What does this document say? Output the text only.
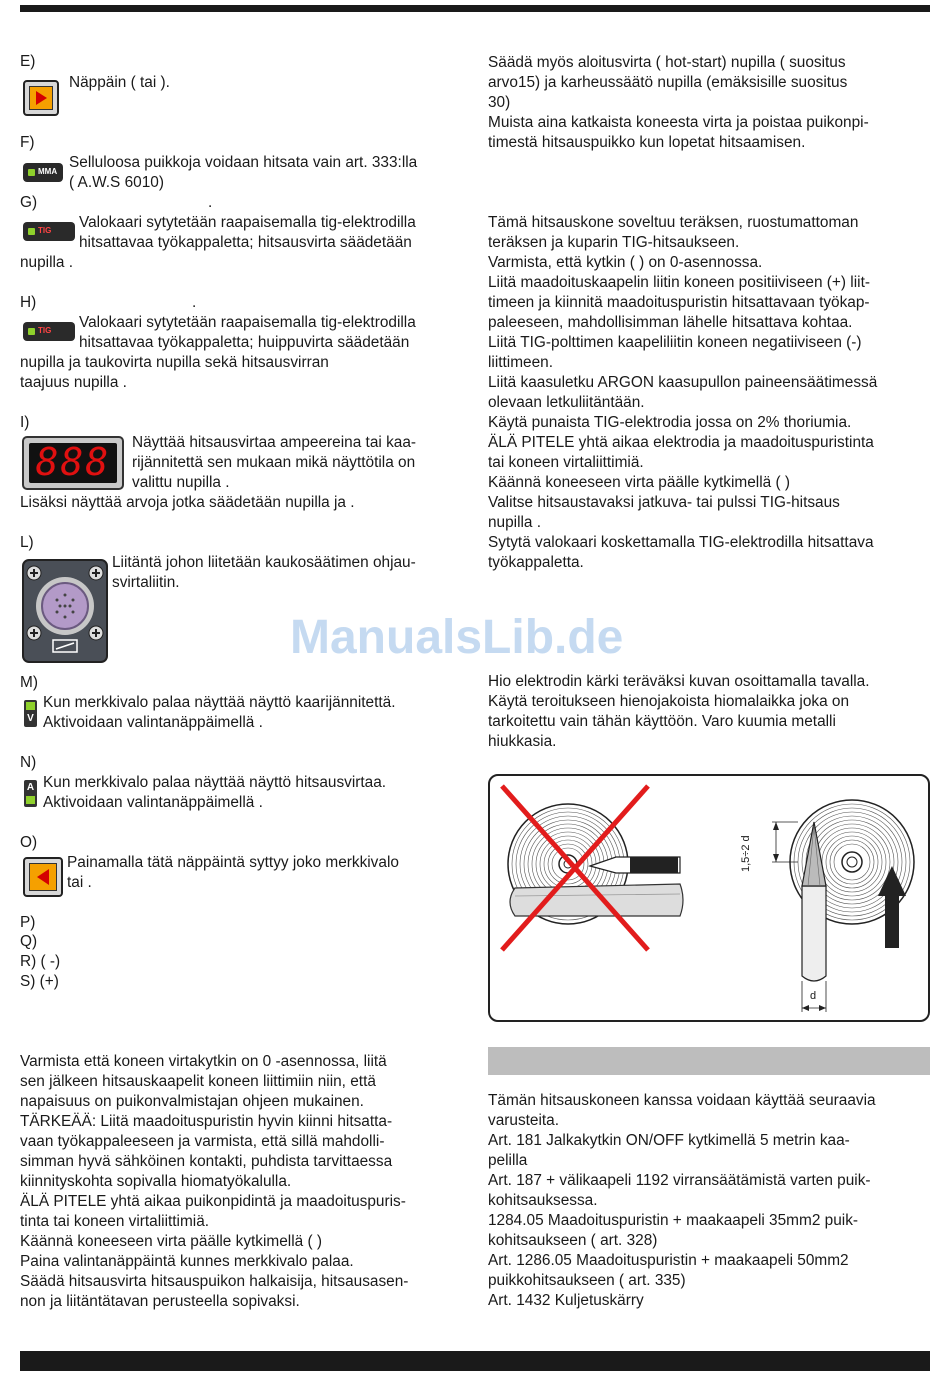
E)
Näppäin ( tai ).
F)
MMA
Selluloosa puikkoja voidaan hitsata vain art. 333:lla
( A.W.S 6010)
G)	.
TIG Valokaari sytytetään raapaisemalla tig-elektrodilla
hitsattavaa työkappaletta; hitsausvirta säädetään
nupilla .
H)	.
TIG Valokaari sytytetään raapaisemalla tig-elektrodilla
hitsattavaa työkappaletta; huippuvirta säädetään
nupilla ja taukovirta nupilla sekä hitsausvirran
taajuus nupilla .
I)
888	Näyttää hitsausvirtaa ampeereina tai kaa-
rijännitettä sen mukaan mikä näyttötila on
valittu nupilla .
Lisäksi näyttää arvoja jotka säädetään nupilla ja .
L)
Liitäntä johon liitetään kaukosäätimen ohjau-
svirtaliitin.
M)
V
Kun merkkivalo palaa näyttää näyttö kaarijännitettä.
Aktivoidaan valintanäppäimellä .
N)
A Kun merkkivalo palaa näyttää näyttö hitsausvirtaa.
Aktivoidaan valintanäppäimellä .
O)
Painamalla tätä näppäintä syttyy joko merkkivalo
tai .
P)
Q)
R) ( -)
S) (+)
Varmista että koneen virtakytkin on 0 -asennossa, liitä
sen jälkeen hitsauskaapelit koneen liittimiin niin, että
napaisuus on puikonvalmistajan ohjeen mukainen.
TÄRKEÄÄ: Liitä maadoituspuristin hyvin kiinni hitsatta-
vaan työkappaleeseen ja varmista, että sillä mahdolli-
simman hyvä sähköinen kontakti, puhdista tarvittaessa
kiinnityskohta sopivalla hiomatyökalulla.
ÄLÄ PITELE yhtä aikaa puikonpidintä ja maadoituspuris-
tinta tai koneen virtaliittimiä.
Käännä koneeseen virta päälle kytkimellä ( )
Paina valintanäppäintä kunnes merkkivalo palaa.
Säädä hitsausvirta hitsauspuikon halkaisija, hitsausasen-
non ja liitäntätavan perusteella sopivaksi.
Säädä myös aloitusvirta ( hot-start) nupilla ( suositus
arvo15) ja karheussäätö nupilla (emäksisille suositus
30)
Muista aina katkaista koneesta virta ja poistaa puikonpi-
timestä hitsauspuikko kun lopetat hitsaamisen.
Tämä hitsauskone soveltuu teräksen, ruostumattoman
teräksen ja kuparin TIG-hitsaukseen.
Varmista, että kytkin ( ) on 0-asennossa.
Liitä maadoituskaapelin liitin koneen positiiviseen (+) liit-
timeen ja kiinnitä maadoituspuristin hitsattavaan työkap-
paleeseen, mahdollisimman lähelle hitsattava kohtaa.
Liitä TIG-polttimen kaapeliliitin koneen negatiiviseen (-)
liittimeen.
Liitä kaasuletku ARGON kaasupullon paineensäätimessä
olevaan letkuliitäntään.
Käytä punaista TIG-elektrodia jossa on 2% thoriumia.
ÄLÄ PITELE yhtä aikaa elektrodia ja maadoituspuristinta
tai koneen virtaliittimiä.
Käännä koneeseen virta päälle kytkimellä ( )
Valitse hitsaustavaksi jatkuva- tai pulssi TIG-hitsaus
nupilla .
Sytytä valokaari koskettamalla TIG-elektrodilla hitsattava
työkappaletta.
Hio elektrodin kärki teräväksi kuvan osoittamalla tavalla.
Käytä teroitukseen hienojakoista hiomalaikka joka on
tarkoitettu vain tähän käyttöön. Varo kuumia metalli
hiukkasia.
ManualsLib.de
1,5÷2 d
d
Tämän hitsauskoneen kanssa voidaan käyttää seuraavia
varusteita.
Art. 181 Jalkakytkin ON/OFF kytkimellä 5 metrin kaa-
pelilla
Art. 187 + välikaapeli 1192 virransäätämistä varten puik-
kohitsauksessa.
1284.05 Maadoituspuristin + maakaapeli 35mm2 puik-
kohitsaukseen ( art. 328)
Art. 1286.05 Maadoituspuristin + maakaapeli 50mm2
puikkohitsaukseen ( art. 335)
Art. 1432 Kuljetuskärry
